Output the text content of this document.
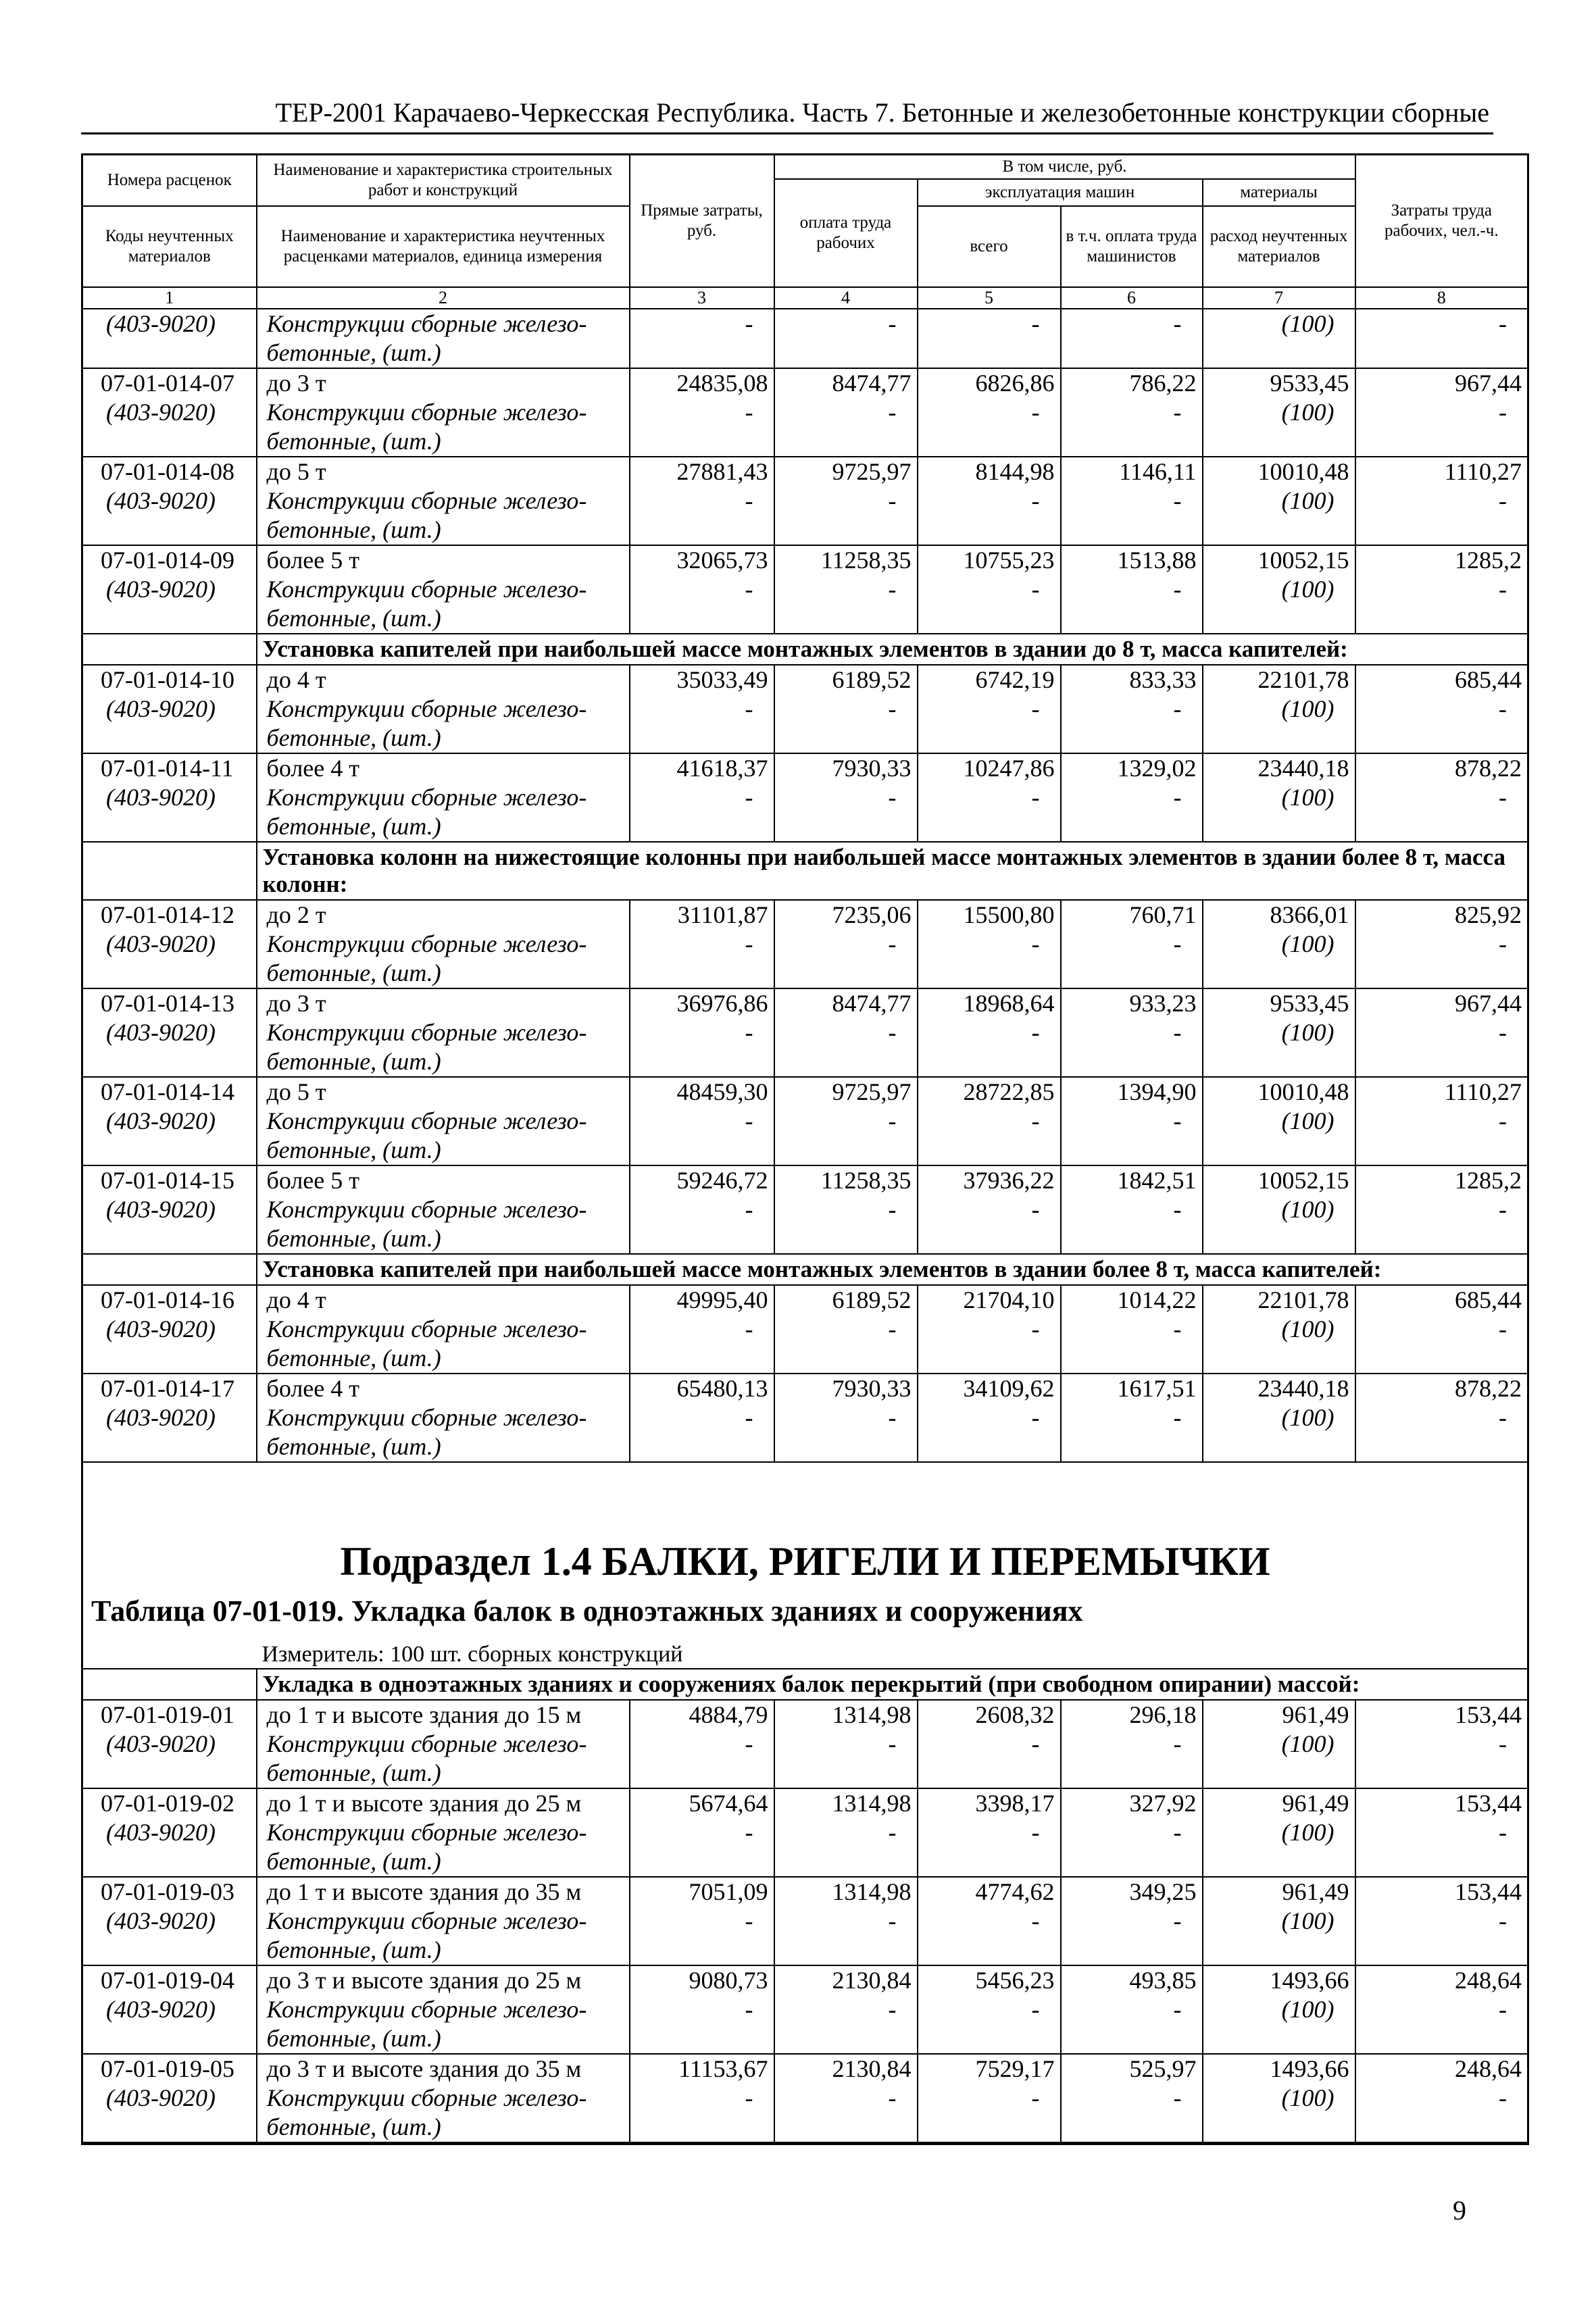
ТЕР-2001 Карачаево-Черкесская Республика. Часть 7. Бетонные и железобетонные конструкции сборные
Номера расценок	Наименование и характеристика строительных работ и конструкций	Прямые затраты, руб.	В том числе, руб.				Затраты труда рабочих, чел.-ч.
			оплата труда рабочих	эксплуатация машин		материалы	
Коды неучтенных материалов	Наименование и характеристика неучтенных расценками материалов, единица измерения			всего	в т.ч. оплата труда машинистов	расход неучтенных материалов	

1	2	3	4	5	6	7	8
(403-9020)	Конструкции сборные железо-	-	-	-	-	(100)	-
	бетонные, (шт.)						
07-01-014-07	до 3 т	24835,08	8474,77	6826,86	786,22	9533,45	967,44
(403-9020)	Конструкции сборные железо-	-	-	-	-	(100)	-
	бетонные, (шт.)						
07-01-014-08	до 5 т	27881,43	9725,97	8144,98	1146,11	10010,48	1110,27
(403-9020)	Конструкции сборные железо-	-	-	-	-	(100)	-
	бетонные, (шт.)						
07-01-014-09	более 5 т	32065,73	11258,35	10755,23	1513,88	10052,15	1285,2
(403-9020)	Конструкции сборные железо-	-	-	-	-	(100)	-
	бетонные, (шт.)						
	Установка капителей при наибольшей массе монтажных элементов в здании до 8 т, масса капителей:						
07-01-014-10	до 4 т	35033,49	6189,52	6742,19	833,33	22101,78	685,44
(403-9020)	Конструкции сборные железо-	-	-	-	-	(100)	-
	бетонные, (шт.)						
07-01-014-11	более 4 т	41618,37	7930,33	10247,86	1329,02	23440,18	878,22
(403-9020)	Конструкции сборные железо-	-	-	-	-	(100)	-
	бетонные, (шт.)						
	Установка колонн на нижестоящие колонны при наибольшей массе монтажных элементов в здании более 8 т, масса колонн:						
07-01-014-12	до 2 т	31101,87	7235,06	15500,80	760,71	8366,01	825,92
(403-9020)	Конструкции сборные железо-	-	-	-	-	(100)	-
	бетонные, (шт.)						
07-01-014-13	до 3 т	36976,86	8474,77	18968,64	933,23	9533,45	967,44
(403-9020)	Конструкции сборные железо-	-	-	-	-	(100)	-
	бетонные, (шт.)						
07-01-014-14	до 5 т	48459,30	9725,97	28722,85	1394,90	10010,48	1110,27
(403-9020)	Конструкции сборные железо-	-	-	-	-	(100)	-
	бетонные, (шт.)						
07-01-014-15	более 5 т	59246,72	11258,35	37936,22	1842,51	10052,15	1285,2
(403-9020)	Конструкции сборные железо-	-	-	-	-	(100)	-
	бетонные, (шт.)						
	Установка капителей при наибольшей массе монтажных элементов в здании более 8 т, масса капителей:						
07-01-014-16	до 4 т	49995,40	6189,52	21704,10	1014,22	22101,78	685,44
(403-9020)	Конструкции сборные железо-	-	-	-	-	(100)	-
	бетонные, (шт.)						
07-01-014-17	более 4 т	65480,13	7930,33	34109,62	1617,51	23440,18	878,22
(403-9020)	Конструкции сборные железо-	-	-	-	-	(100)	-
	бетонные, (шт.)						
Подраздел 1.4 БАЛКИ, РИГЕЛИ И ПЕРЕМЫЧКИ							
Таблица 07-01-019. Укладка балок в одноэтажных зданиях и сооружениях							
	Измеритель: 100 шт. сборных конструкций						
	Укладка в одноэтажных зданиях и сооружениях балок перекрытий (при свободном опирании) массой:						
07-01-019-01	до 1 т и высоте здания до 15 м	4884,79	1314,98	2608,32	296,18	961,49	153,44
(403-9020)	Конструкции сборные железо-	-	-	-	-	(100)	-
	бетонные, (шт.)						
07-01-019-02	до 1 т и высоте здания до 25 м	5674,64	1314,98	3398,17	327,92	961,49	153,44
(403-9020)	Конструкции сборные железо-	-	-	-	-	(100)	-
	бетонные, (шт.)						
07-01-019-03	до 1 т и высоте здания до 35 м	7051,09	1314,98	4774,62	349,25	961,49	153,44
(403-9020)	Конструкции сборные железо-	-	-	-	-	(100)	-
	бетонные, (шт.)						
07-01-019-04	до 3 т и высоте здания до 25 м	9080,73	2130,84	5456,23	493,85	1493,66	248,64
(403-9020)	Конструкции сборные железо-	-	-	-	-	(100)	-
	бетонные, (шт.)						
07-01-019-05	до 3 т и высоте здания до 35 м	11153,67	2130,84	7529,17	525,97	1493,66	248,64
(403-9020)	Конструкции сборные железо-	-	-	-	-	(100)	-
	бетонные, (шт.)						

9
